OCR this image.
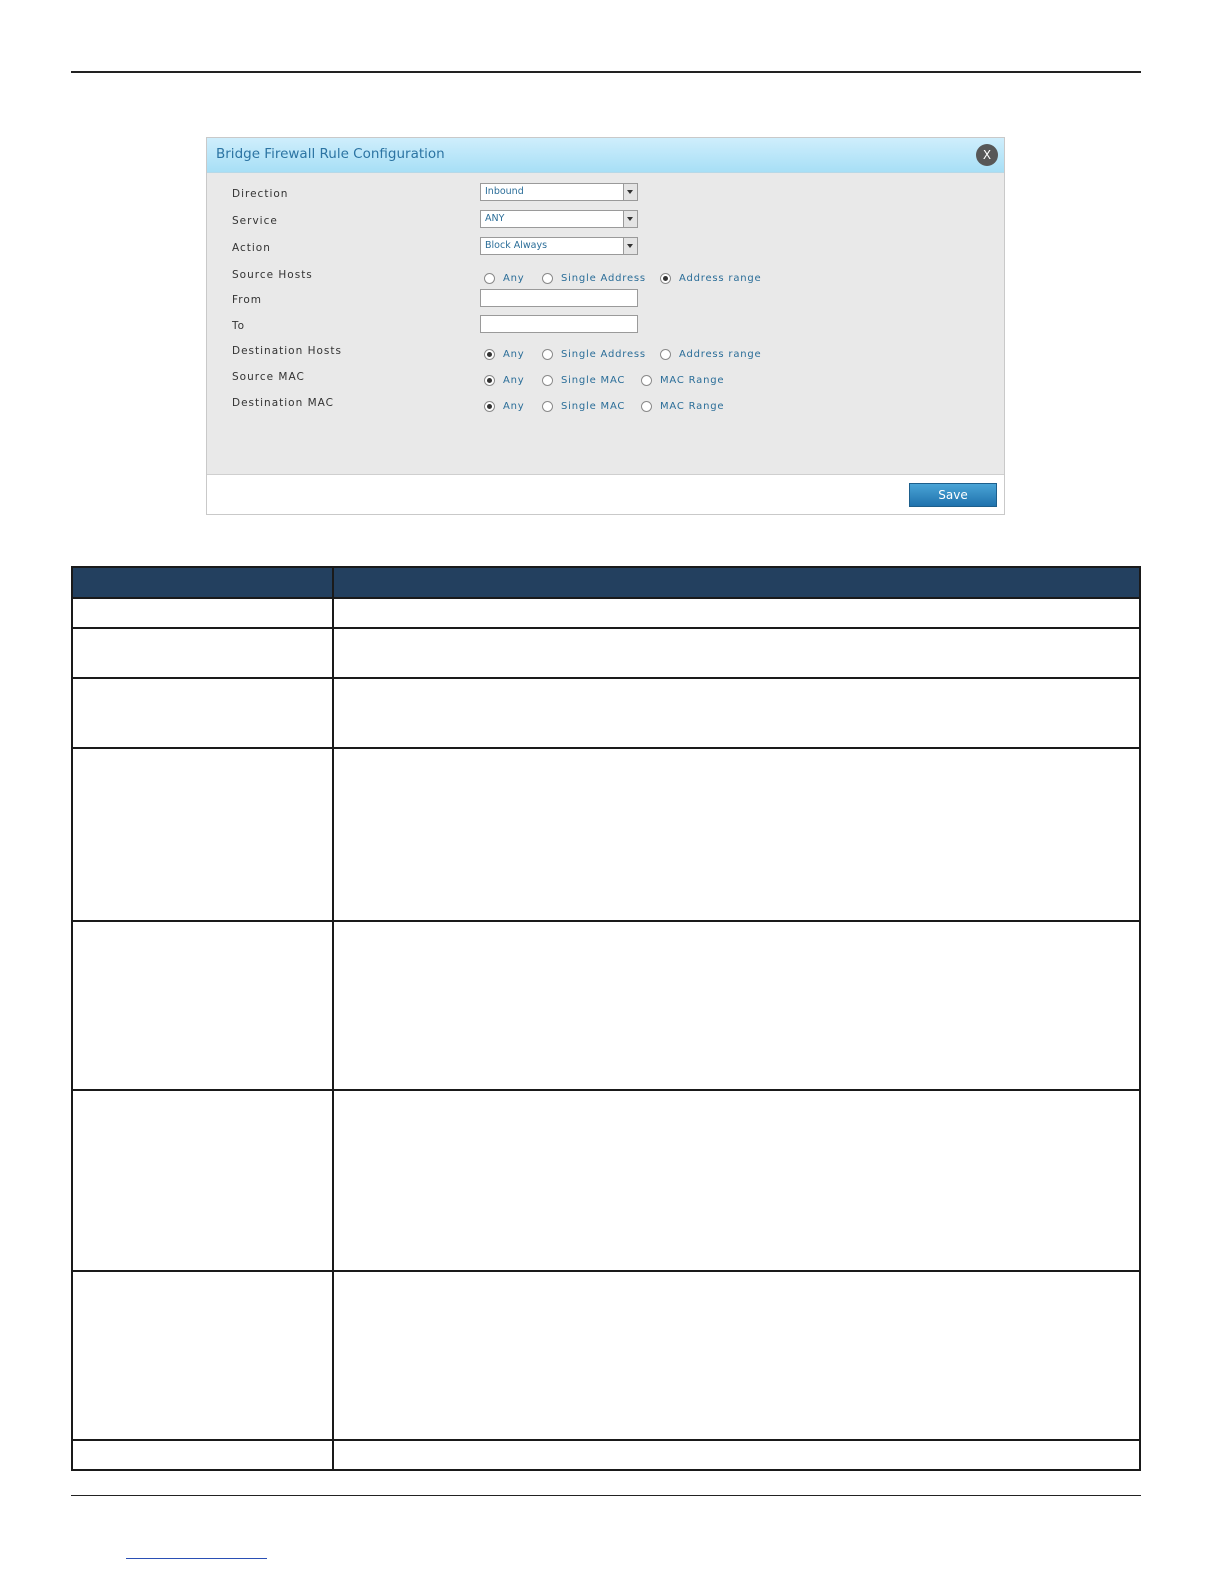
Bridge Firewall Rule Configuration	X
Direction	Inbound
Service	ANY
Action	Block Always
Source Hosts	Any	Single Address	Address range
From
To
Destination Hosts	Any	Single Address	Address range
Source MAC	Any	Single MAC	MAC Range
Destination MAC	Any	Single MAC	MAC Range
Save
